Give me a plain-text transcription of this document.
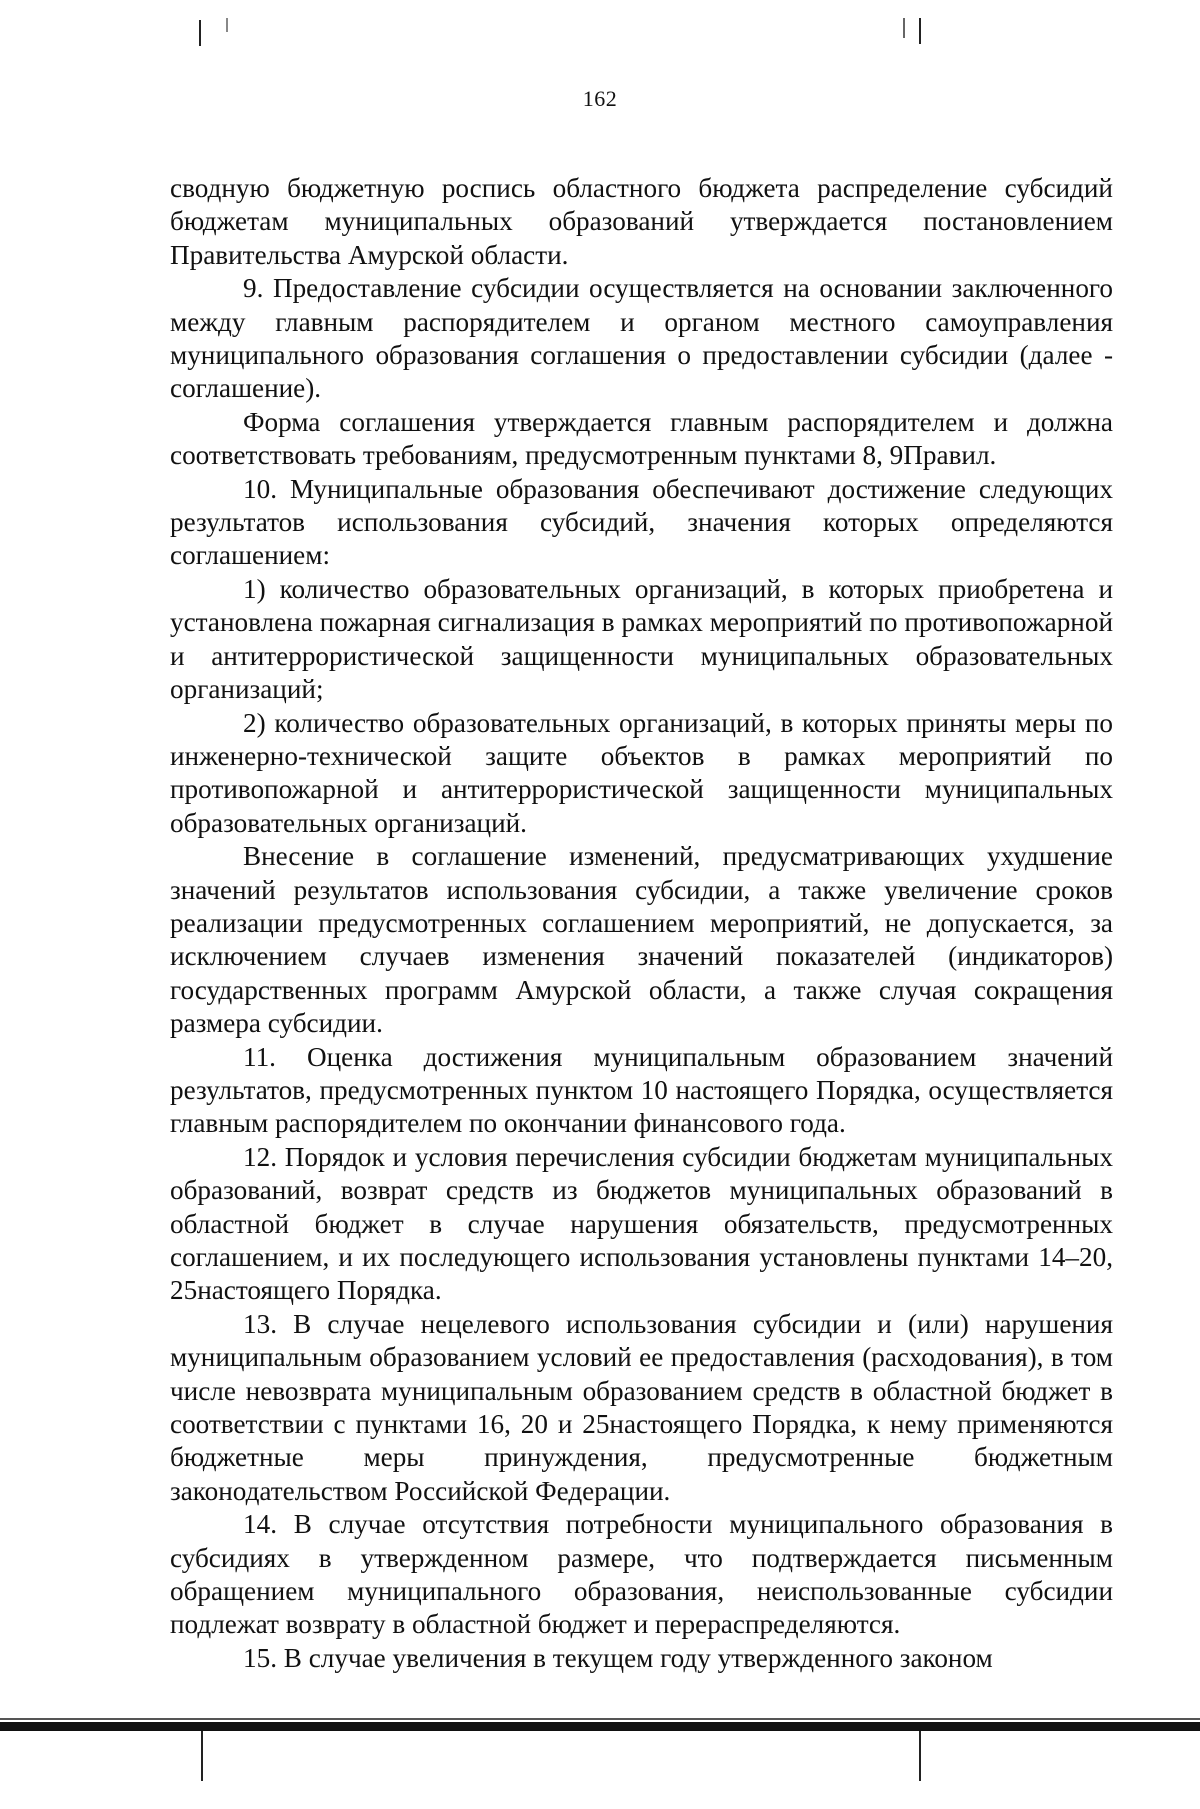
162

сводную бюджетную роспись областного бюджета распределение субсидий бюджетам муниципальных образований утверждается постановлением Правительства Амурской области.

9. Предоставление субсидии осуществляется на основании заключенного между главным распорядителем и органом местного самоуправления муниципального образования соглашения о предоставлении субсидии (далее - соглашение).

Форма соглашения утверждается главным распорядителем и должна соответствовать требованиям, предусмотренным пунктами 8, 9Правил.

10. Муниципальные образования обеспечивают достижение следующих результатов использования субсидий, значения которых определяются соглашением:

1) количество образовательных организаций, в которых приобретена и установлена пожарная сигнализация в рамках мероприятий по противопожарной и антитеррористической защищенности муниципальных образовательных организаций;

2) количество образовательных организаций, в которых приняты меры по инженерно-технической защите объектов в рамках мероприятий по противопожарной и антитеррористической защищенности муниципальных образовательных организаций.

Внесение в соглашение изменений, предусматривающих ухудшение значений результатов использования субсидии, а также увеличение сроков реализации предусмотренных соглашением мероприятий, не допускается, за исключением случаев изменения значений показателей (индикаторов) государственных программ Амурской области, а также случая сокращения размера субсидии.

11. Оценка достижения муниципальным образованием значений результатов, предусмотренных пунктом 10 настоящего Порядка, осуществляется главным распорядителем по окончании финансового года.

12. Порядок и условия перечисления субсидии бюджетам муниципальных образований, возврат средств из бюджетов муниципальных образований в областной бюджет в случае нарушения обязательств, предусмотренных соглашением, и их последующего использования установлены пунктами 14–20, 25настоящего Порядка.

13. В случае нецелевого использования субсидии и (или) нарушения муниципальным образованием условий ее предоставления (расходования), в том числе невозврата муниципальным образованием средств в областной бюджет в соответствии с пунктами 16, 20 и 25настоящего Порядка, к нему применяются бюджетные меры принуждения, предусмотренные бюджетным законодательством Российской Федерации.

14. В случае отсутствия потребности муниципального образования в субсидиях в утвержденном размере, что подтверждается письменным обращением муниципального образования, неиспользованные субсидии подлежат возврату в областной бюджет и перераспределяются.

15. В случае увеличения в текущем году утвержденного законом
